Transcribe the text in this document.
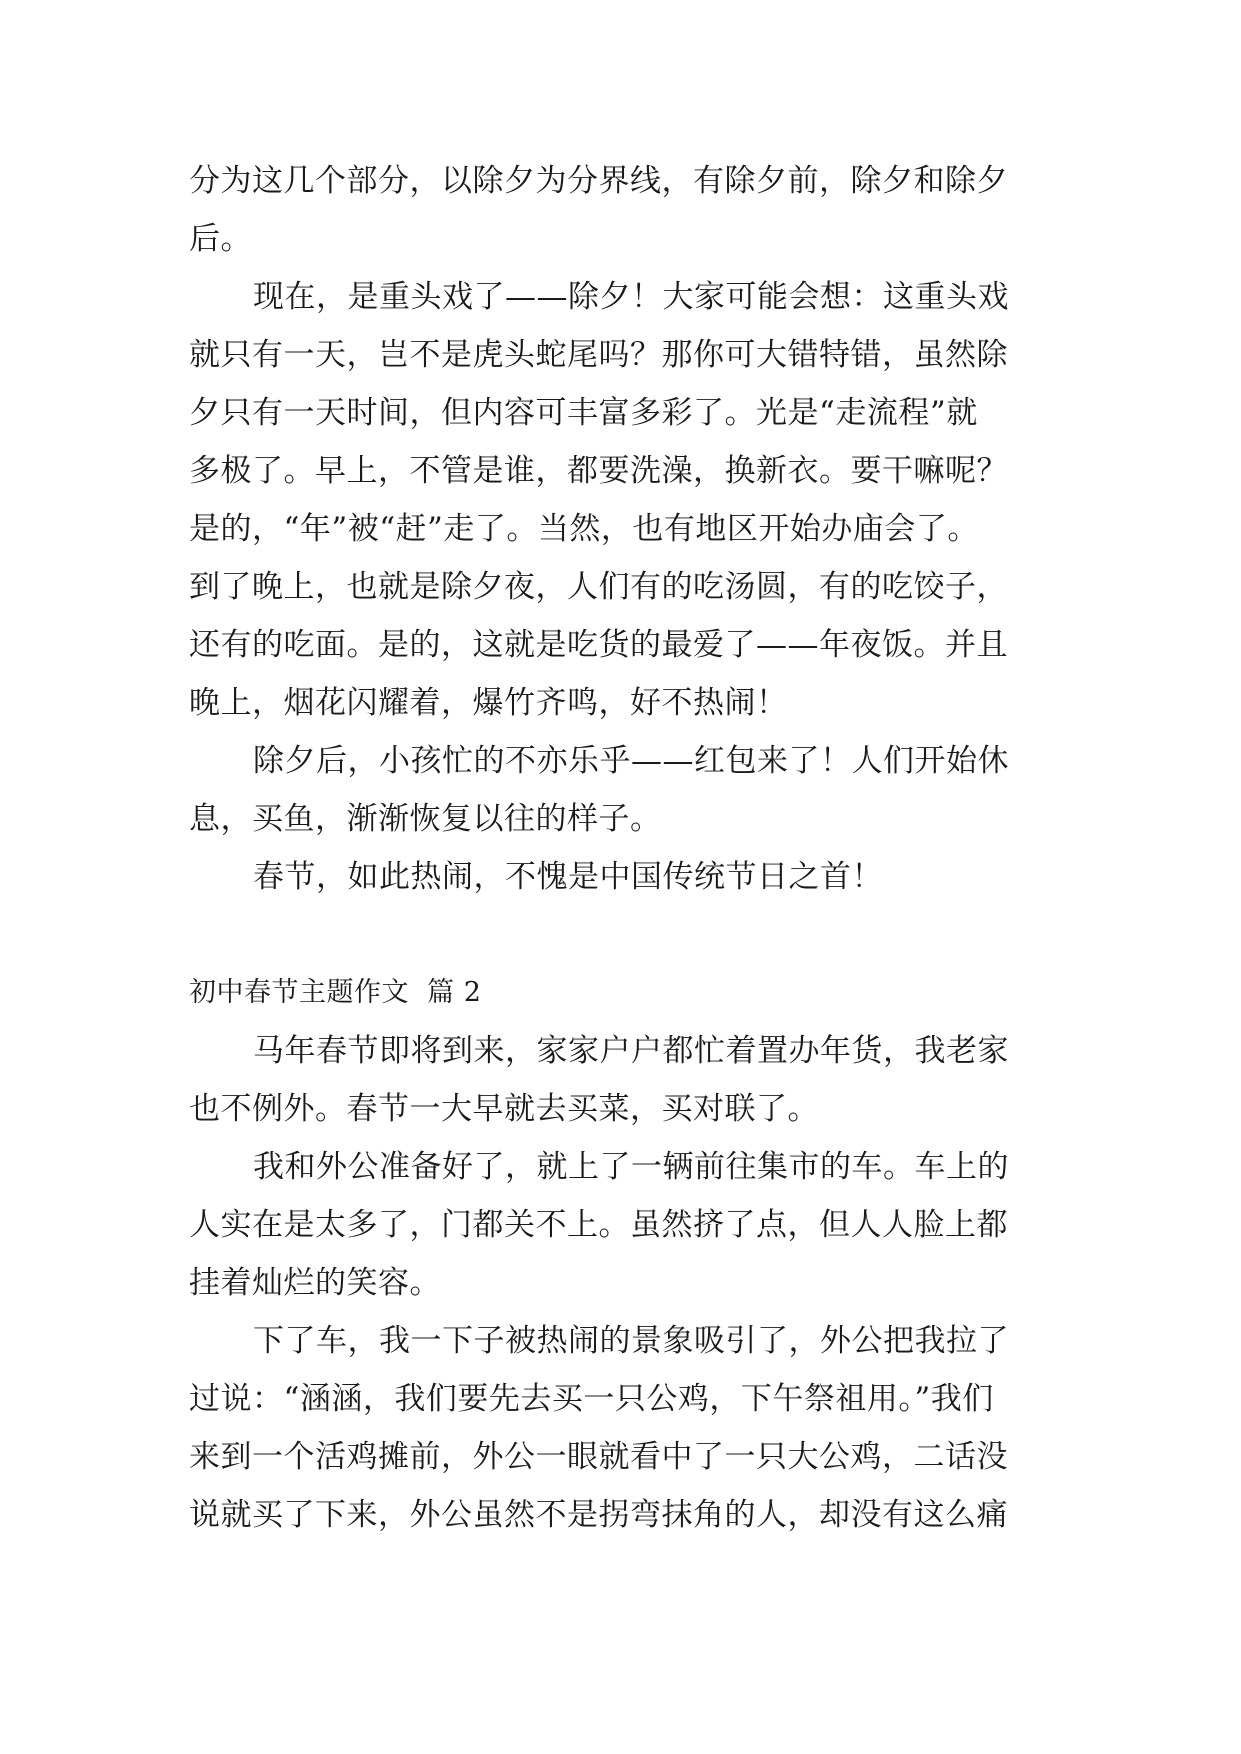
分为这几个部分，以除夕为分界线，有除夕前，除夕和除夕
后。

现在，是重头戏了——除夕！大家可能会想：这重头戏
就只有一天，岂不是虎头蛇尾吗？那你可大错特错，虽然除
夕只有一天时间，但内容可丰富多彩了。光是“走流程”就
多极了。早上，不管是谁，都要洗澡，换新衣。要干嘛呢？
是的，“年”被“赶”走了。当然，也有地区开始办庙会了。
到了晚上，也就是除夕夜，人们有的吃汤圆，有的吃饺子，
还有的吃面。是的，这就是吃货的最爱了——年夜饭。并且
晚上，烟花闪耀着，爆竹齐鸣，好不热闹！

除夕后，小孩忙的不亦乐乎——红包来了！人们开始休
息，买鱼，渐渐恢复以往的样子。

春节，如此热闹，不愧是中国传统节日之首！

初中春节主题作文  篇 2

马年春节即将到来，家家户户都忙着置办年货，我老家
也不例外。春节一大早就去买菜，买对联了。

我和外公准备好了，就上了一辆前往集市的车。车上的
人实在是太多了，门都关不上。虽然挤了点，但人人脸上都
挂着灿烂的笑容。

下了车，我一下子被热闹的景象吸引了，外公把我拉了
过说：“涵涵，我们要先去买一只公鸡，下午祭祖用。”我们
来到一个活鸡摊前，外公一眼就看中了一只大公鸡，二话没
说就买了下来，外公虽然不是拐弯抹角的人，却没有这么痛
